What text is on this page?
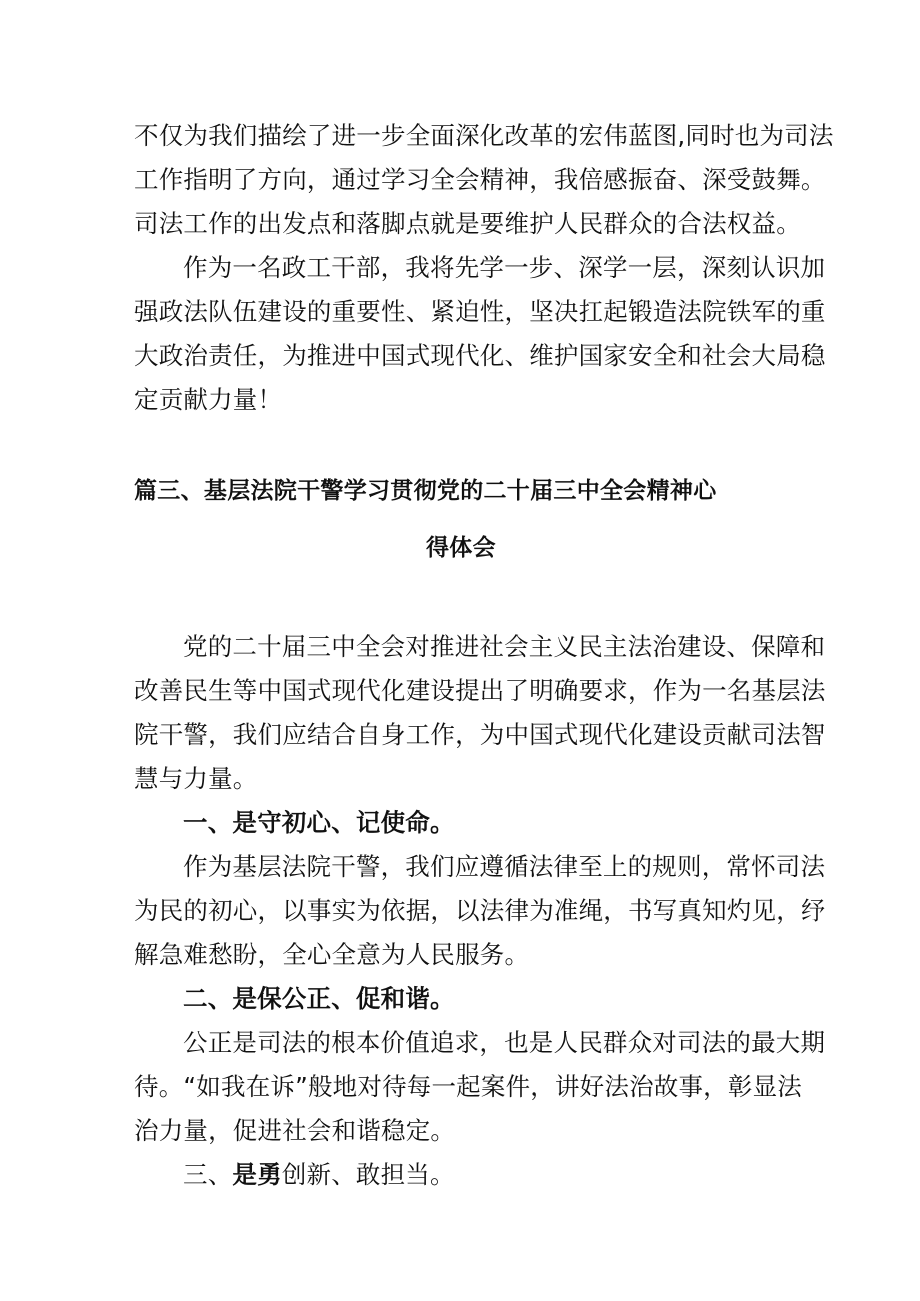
不仅为我们描绘了进一步全面深化改革的宏伟蓝图,同时也为司法
工作指明了方向，通过学习全会精神，我倍感振奋、深受鼓舞。
司法工作的出发点和落脚点就是要维护人民群众的合法权益。
作为一名政工干部，我将先学一步、深学一层，深刻认识加
强政法队伍建设的重要性、紧迫性，坚决扛起锻造法院铁军的重
大政治责任，为推进中国式现代化、维护国家安全和社会大局稳
定贡献力量！
篇三、基层法院干警学习贯彻党的二十届三中全会精神心
得体会
党的二十届三中全会对推进社会主义民主法治建设、保障和
改善民生等中国式现代化建设提出了明确要求，作为一名基层法
院干警，我们应结合自身工作，为中国式现代化建设贡献司法智
慧与力量。
一、是守初心、记使命。
作为基层法院干警，我们应遵循法律至上的规则，常怀司法
为民的初心，以事实为依据，以法律为准绳，书写真知灼见，纾
解急难愁盼，全心全意为人民服务。
二、是保公正、促和谐。
公正是司法的根本价值追求，也是人民群众对司法的最大期
待。“如我在诉”般地对待每一起案件，讲好法治故事，彰显法
治力量，促进社会和谐稳定。
三、是勇创新、敢担当。
